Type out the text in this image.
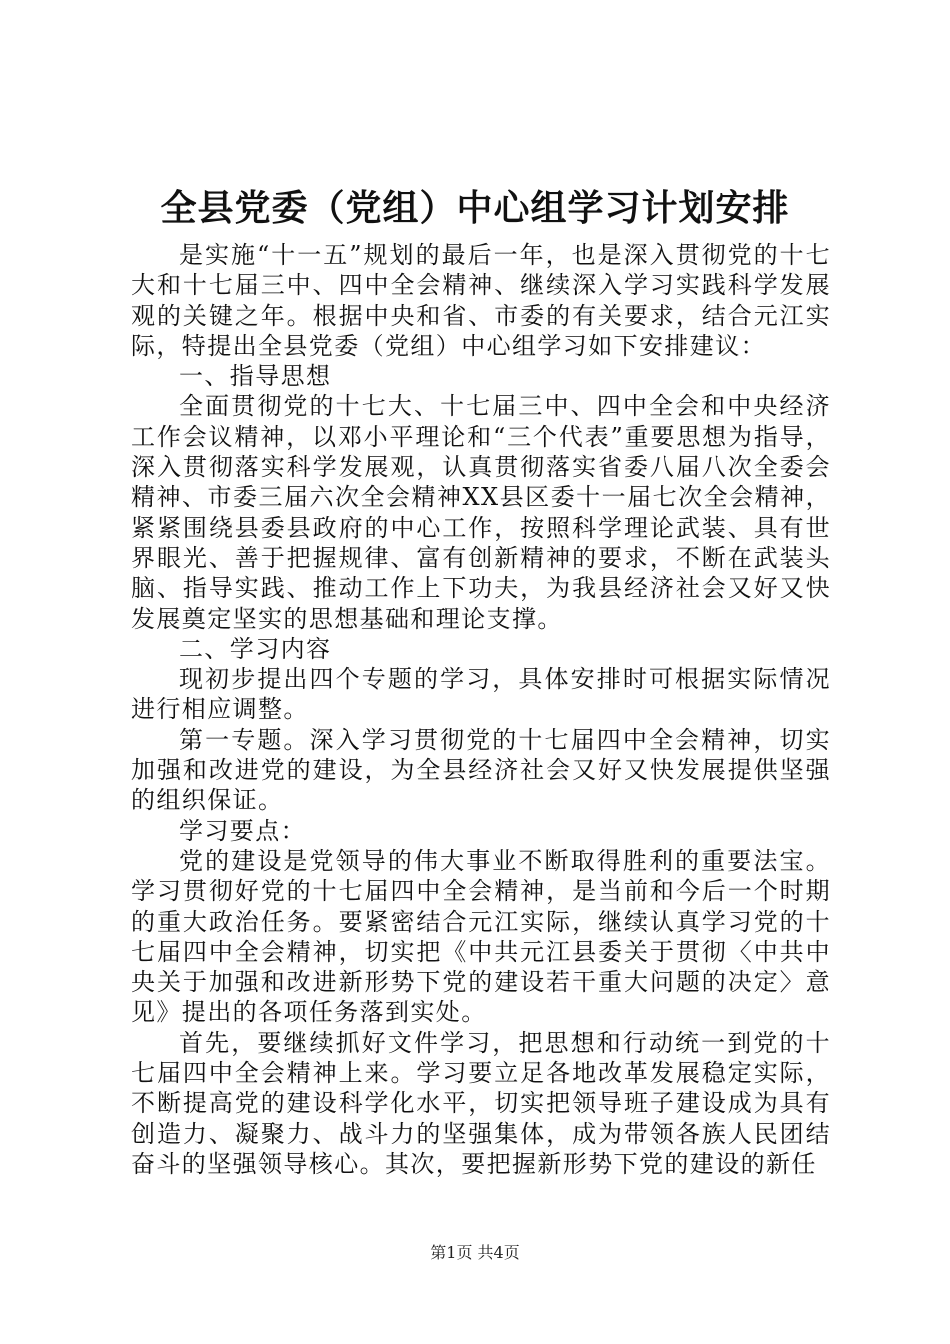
全县党委（党组）中心组学习计划安排

是实施“十一五”规划的最后一年，也是深入贯彻党的十七大和十七届三中、四中全会精神、继续深入学习实践科学发展观的关键之年。根据中央和省、市委的有关要求，结合元江实际，特提出全县党委（党组）中心组学习如下安排建议：

一、指导思想

全面贯彻党的十七大、十七届三中、四中全会和中央经济工作会议精神，以邓小平理论和“三个代表”重要思想为指导，深入贯彻落实科学发展观，认真贯彻落实省委八届八次全委会精神、市委三届六次全会精神XX县区委十一届七次全会精神，紧紧围绕县委县政府的中心工作，按照科学理论武装、具有世界眼光、善于把握规律、富有创新精神的要求，不断在武装头脑、指导实践、推动工作上下功夫，为我县经济社会又好又快发展奠定坚实的思想基础和理论支撑。

二、学习内容

现初步提出四个专题的学习，具体安排时可根据实际情况进行相应调整。

第一专题。深入学习贯彻党的十七届四中全会精神，切实加强和改进党的建设，为全县经济社会又好又快发展提供坚强的组织保证。

学习要点：

党的建设是党领导的伟大事业不断取得胜利的重要法宝。学习贯彻好党的十七届四中全会精神，是当前和今后一个时期的重大政治任务。要紧密结合元江实际，继续认真学习党的十七届四中全会精神，切实把《中共元江县委关于贯彻〈中共中央关于加强和改进新形势下党的建设若干重大问题的决定〉意见》提出的各项任务落到实处。

首先，要继续抓好文件学习，把思想和行动统一到党的十七届四中全会精神上来。学习要立足各地改革发展稳定实际，不断提高党的建设科学化水平，切实把领导班子建设成为具有创造力、凝聚力、战斗力的坚强集体，成为带领各族人民团结奋斗的坚强领导核心。其次，要把握新形势下党的建设的新任

第1页 共4页
